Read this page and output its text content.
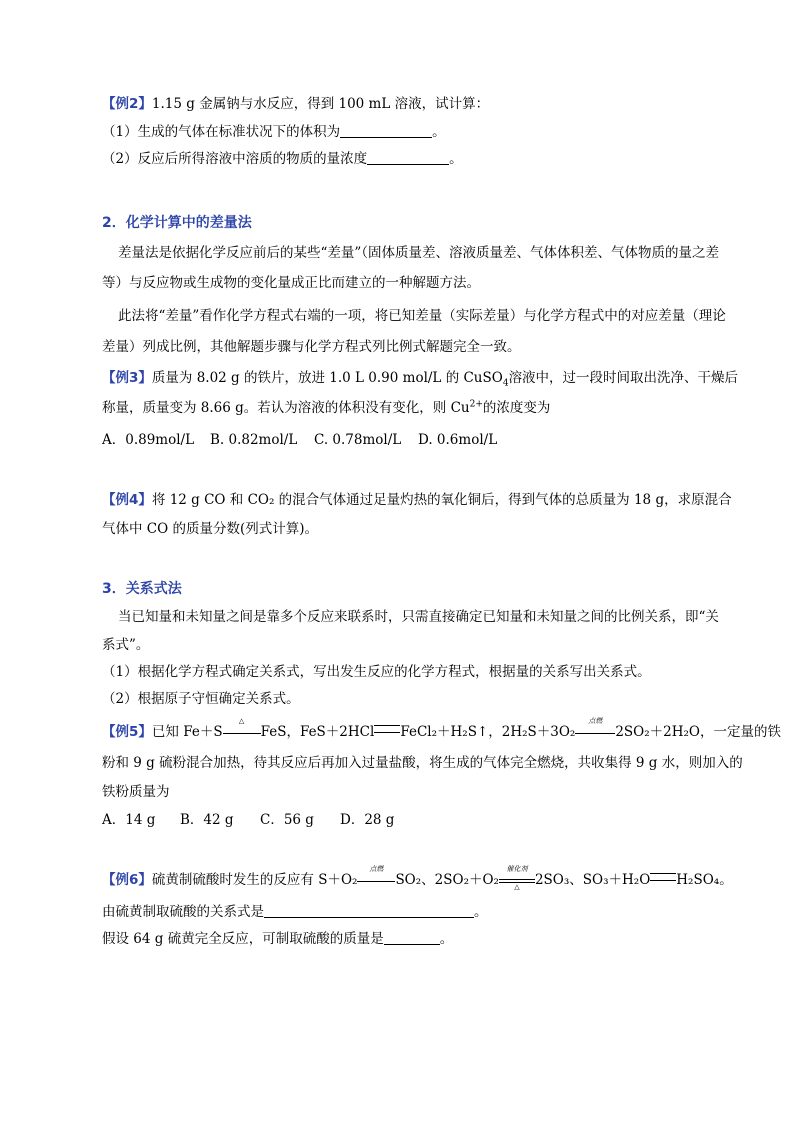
【例2】1.15 g 金属钠与水反应，得到 100 mL 溶液，试计算：
（1）生成的气体在标准状况下的体积为	。
（2）反应后所得溶液中溶质的物质的量浓度	。
2．化学计算中的差量法
差量法是依据化学反应前后的某些“差量”（固体质量差、溶液质量差、气体体积差、气体物质的量之差
等）与反应物或生成物的变化量成正比而建立的一种解题方法。
此法将“差量”看作化学方程式右端的一项，将已知差量（实际差量）与化学方程式中的对应差量（理论
差量）列成比例，其他解题步骤与化学方程式列比例式解题完全一致。
【例3】质量为 8.02 g 的铁片，放进 1.0 L 0.90 mol/L 的 CuSO$_4$溶液中，过一段时间取出洗净、干燥后
称量，质量变为 8.66 g。若认为溶液的体积没有变化，则 $Cu^{2+}$的浓度变为
A．0.89mol/L B. 0.82mol/L C. 0.78mol/L D. 0.6mol/L
【例4】将 12 g CO 和 CO₂ 的混合气体通过足量灼热的氧化铜后，得到气体的总质量为 18 g，求原混合
气体中 CO 的质量分数(列式计算)。
3．关系式法
当已知量和未知量之间是靠多个反应来联系时，只需直接确定已知量和未知量之间的比例关系，即“关
系式”。
（1）根据化学方程式确定关系式，写出发生反应的化学方程式，根据量的关系写出关系式。
（2）根据原子守恒确定关系式。
【例5】已知 Fe＋S
△
FeS，FeS＋2HCl FeCl₂＋H₂S↑，2H₂S＋3O₂
点燃
2SO₂＋2H₂O，一定量的铁
粉和 9 g 硫粉混合加热，待其反应后再加入过量盐酸，将生成的气体完全燃烧，共收集得 9 g 水，则加入的
铁粉质量为
A．14 g B．42 g C．56 g D．28 g
【例6】硫黄制硫酸时发生的反应有 S＋O₂
点燃
SO₂、2SO₂＋O₂
催化剂
△	2SO₃、SO₃＋H₂O H₂SO₄。
由硫黄制取硫酸的关系式是	。
假设 64 g 硫黄完全反应，可制取硫酸的质量是	。
